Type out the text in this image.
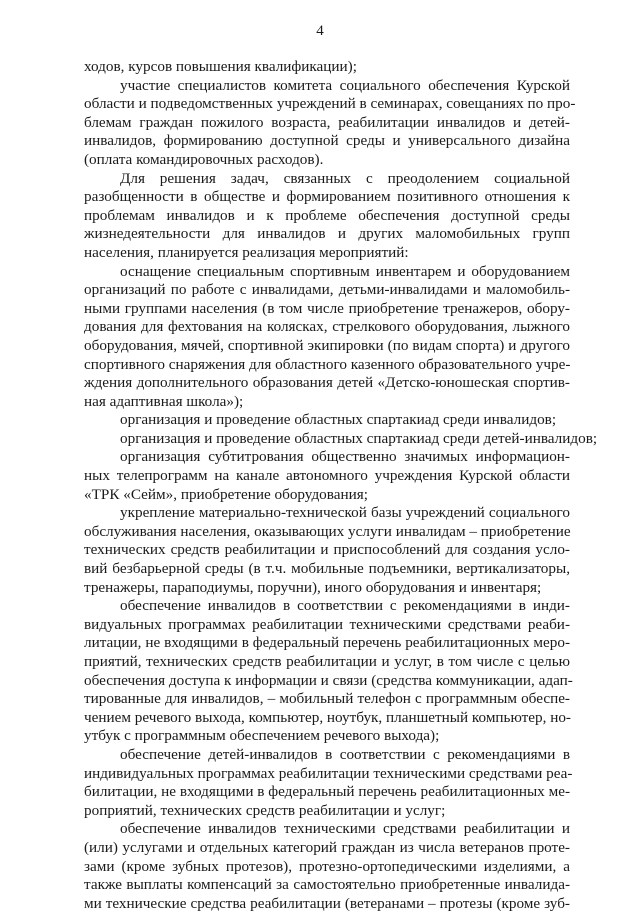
4
ходов, курсов повышения квалификации);
участие специалистов комитета социального обеспечения Курской
области и подведомственных учреждений в семинарах, совещаниях по про-
блемам граждан пожилого возраста, реабилитации инвалидов и детей-
инвалидов, формированию доступной среды и универсального дизайна
(оплата командировочных расходов).
Для решения задач, связанных с преодолением социальной
разобщенности в обществе и формированием позитивного отношения к
проблемам инвалидов и к проблеме обеспечения доступной среды
жизнедеятельности для инвалидов и других маломобильных групп
населения, планируется реализация мероприятий:
оснащение специальным спортивным инвентарем и оборудованием
организаций по работе с инвалидами, детьми-инвалидами и маломобиль-
ными группами населения (в том числе приобретение тренажеров, обору-
дования для фехтования на колясках, стрелкового оборудования, лыжного
оборудования, мячей, спортивной экипировки (по видам спорта) и другого
спортивного снаряжения для областного казенного образовательного учре-
ждения дополнительного образования детей «Детско-юношеская спортив-
ная адаптивная школа»);
организация и проведение областных спартакиад среди инвалидов;
организация и проведение областных спартакиад среди детей-инвалидов;
организация субтитрования общественно значимых информацион-
ных телепрограмм на канале автономного учреждения Курской области
«ТРК «Сейм», приобретение оборудования;
укрепление материально-технической базы учреждений социального
обслуживания населения, оказывающих услуги инвалидам – приобретение
технических средств реабилитации и приспособлений для создания усло-
вий безбарьерной среды (в т.ч. мобильные подъемники, вертикализаторы,
тренажеры, параподиумы, поручни), иного оборудования и инвентаря;
обеспечение инвалидов в соответствии с рекомендациями в инди-
видуальных программах реабилитации техническими средствами реаби-
литации, не входящими в федеральный перечень реабилитационных меро-
приятий, технических средств реабилитации и услуг, в том числе с целью
обеспечения доступа к информации и связи (средства коммуникации, адап-
тированные для инвалидов, – мобильный телефон с программным обеспе-
чением речевого выхода, компьютер, ноутбук, планшетный компьютер, но-
утбук с программным обеспечением речевого выхода);
обеспечение детей-инвалидов в соответствии с рекомендациями в
индивидуальных программах реабилитации техническими средствами реа-
билитации, не входящими в федеральный перечень реабилитационных ме-
роприятий, технических средств реабилитации и услуг;
обеспечение инвалидов техническими средствами реабилитации и
(или) услугами и отдельных категорий граждан из числа ветеранов протe-
зами (кроме зубных протезов), протезно-ортопедическими изделиями, а
также выплаты компенсаций за самостоятельно приобретенные инвалида-
ми технические средства реабилитации (ветеранами – протезы (кроме зуб-
